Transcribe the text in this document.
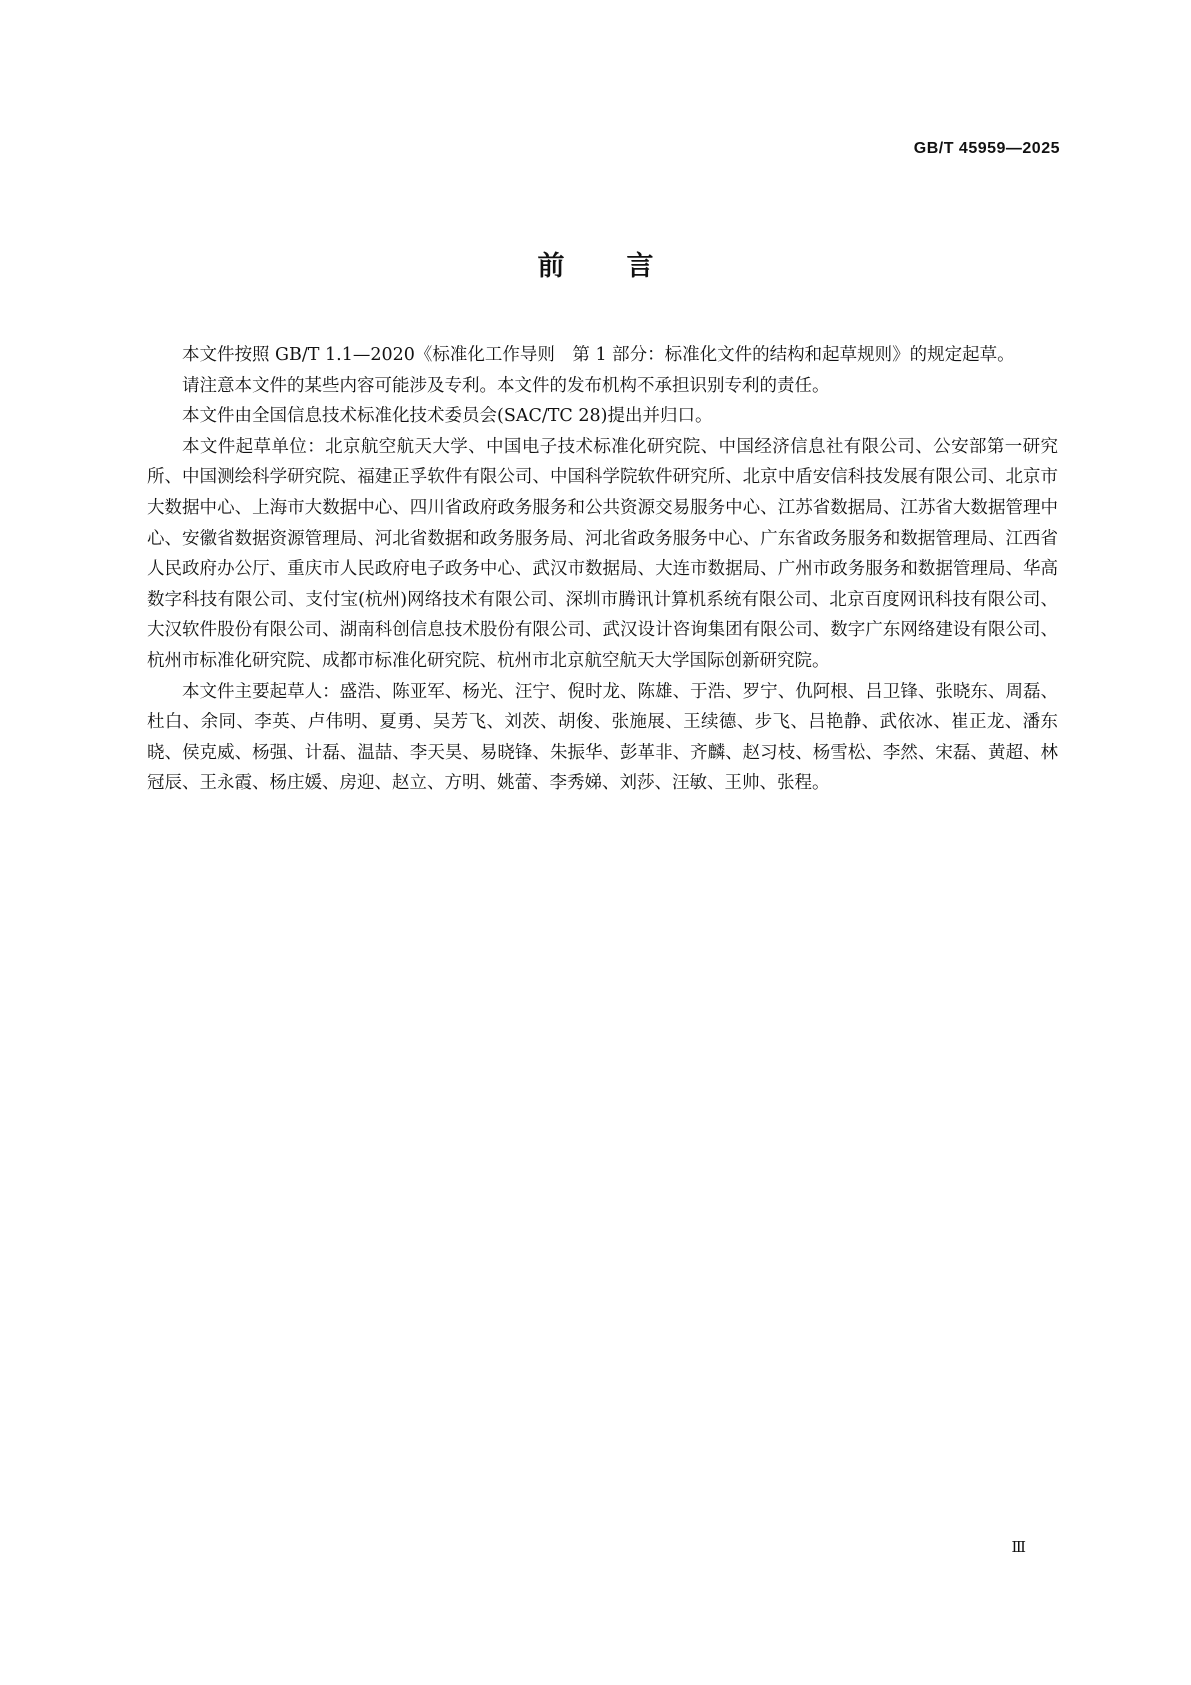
GB/T 45959—2025
前言

本文件按照 GB/T 1.1—2020《标准化工作导则　第 1 部分：标准化文件的结构和起草规则》的规定起草。

请注意本文件的某些内容可能涉及专利。本文件的发布机构不承担识别专利的责任。

本文件由全国信息技术标准化技术委员会(SAC/TC 28)提出并归口。

本文件起草单位：北京航空航天大学、中国电子技术标准化研究院、中国经济信息社有限公司、公安部第一研究所、中国测绘科学研究院、福建正孚软件有限公司、中国科学院软件研究所、北京中盾安信科技发展有限公司、北京市大数据中心、上海市大数据中心、四川省政府政务服务和公共资源交易服务中心、江苏省数据局、江苏省大数据管理中心、安徽省数据资源管理局、河北省数据和政务服务局、河北省政务服务中心、广东省政务服务和数据管理局、江西省人民政府办公厅、重庆市人民政府电子政务中心、武汉市数据局、大连市数据局、广州市政务服务和数据管理局、华高数字科技有限公司、支付宝(杭州)网络技术有限公司、深圳市腾讯计算机系统有限公司、北京百度网讯科技有限公司、大汉软件股份有限公司、湖南科创信息技术股份有限公司、武汉设计咨询集团有限公司、数字广东网络建设有限公司、杭州市标准化研究院、成都市标准化研究院、杭州市北京航空航天大学国际创新研究院。

本文件主要起草人：盛浩、陈亚军、杨光、汪宁、倪时龙、陈雄、于浩、罗宁、仇阿根、吕卫锋、张晓东、周磊、杜白、余同、李英、卢伟明、夏勇、吴芳飞、刘茨、胡俊、张施展、王续德、步飞、吕艳静、武依冰、崔正龙、潘东晓、侯克威、杨强、计磊、温喆、李天昊、易晓锋、朱振华、彭革非、齐麟、赵习枝、杨雪松、李然、宋磊、黄超、林冠辰、王永霞、杨庄媛、房迎、赵立、方明、姚蕾、李秀娣、刘莎、汪敏、王帅、张程。

Ⅲ
